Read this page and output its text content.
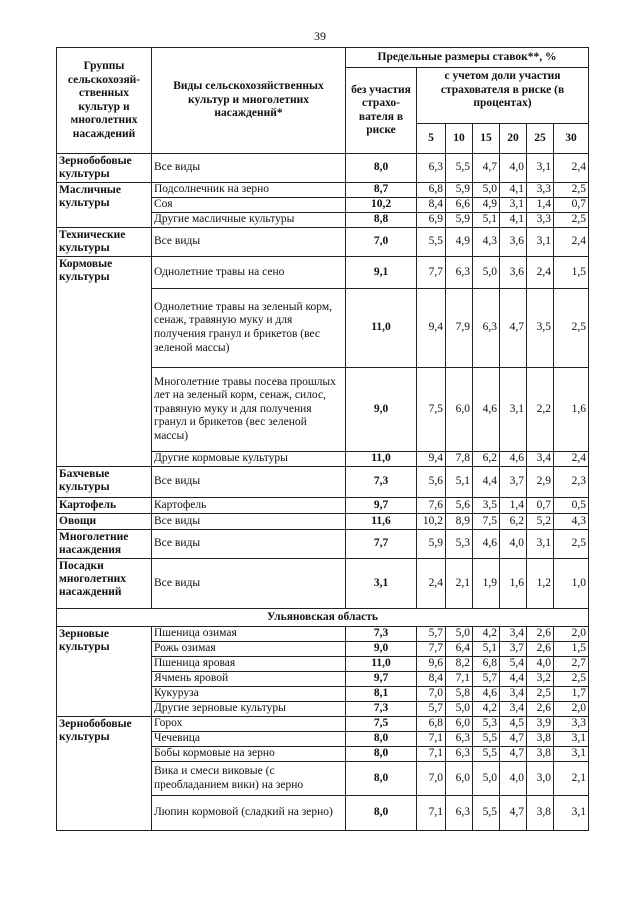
39
Группы сельскохозяй-ственных культур и многолетних насаждений	Виды сельскохозяйственных культур и многолетних насаждений*	Предельные размеры ставок**, %						
		без участия страхо-вателя в риске	с учетом доли участия страхователя в риске (в процентах)					
			5	10	15	20	25	30
Зернобобовые культуры	Все виды	8,0	6,3	5,5	4,7	4,0	3,1	2,4
Масличные культуры	Подсолнечник на зерно	8,7	6,8	5,9	5,0	4,1	3,3	2,5
	Соя	10,2	8,4	6,6	4,9	3,1	1,4	0,7
	Другие масличные культуры	8,8	6,9	5,9	5,1	4,1	3,3	2,5
Технические культуры	Все виды	7,0	5,5	4,9	4,3	3,6	3,1	2,4
Кормовые культуры	Однолетние травы на сено	9,1	7,7	6,3	5,0	3,6	2,4	1,5
	Однолетние травы на зеленый корм, сенаж, травяную муку и для получения гранул и брикетов (вес зеленой массы)	11,0	9,4	7,9	6,3	4,7	3,5	2,5
	Многолетние травы посева прошлых лет на зеленый корм, сенаж, силос, травяную муку и для получения гранул и брикетов (вес зеленой массы)	9,0	7,5	6,0	4,6	3,1	2,2	1,6
	Другие кормовые культуры	11,0	9,4	7,8	6,2	4,6	3,4	2,4
Бахчевые культуры	Все виды	7,3	5,6	5,1	4,4	3,7	2,9	2,3
Картофель	Картофель	9,7	7,6	5,6	3,5	1,4	0,7	0,5
Овощи	Все виды	11,6	10,2	8,9	7,5	6,2	5,2	4,3
Многолетние насаждения	Все виды	7,7	5,9	5,3	4,6	4,0	3,1	2,5
Посадки многолетних насаждений	Все виды	3,1	2,4	2,1	1,9	1,6	1,2	1,0
Ульяновская область								
Зерновые культуры	Пшеница озимая	7,3	5,7	5,0	4,2	3,4	2,6	2,0
	Рожь озимая	9,0	7,7	6,4	5,1	3,7	2,6	1,5
	Пшеница яровая	11,0	9,6	8,2	6,8	5,4	4,0	2,7
	Ячмень яровой	9,7	8,4	7,1	5,7	4,4	3,2	2,5
	Кукуруза	8,1	7,0	5,8	4,6	3,4	2,5	1,7
	Другие зерновые культуры	7,3	5,7	5,0	4,2	3,4	2,6	2,0
Зернобобовые культуры	Горох	7,5	6,8	6,0	5,3	4,5	3,9	3,3
	Чечевица	8,0	7,1	6,3	5,5	4,7	3,8	3,1
	Бобы кормовые на зерно	8,0	7,1	6,3	5,5	4,7	3,8	3,1
	Вика и смеси виковые (с преобладанием вики) на зерно	8,0	7,0	6,0	5,0	4,0	3,0	2,1
	Люпин кормовой (сладкий на зерно)	8,0	7,1	6,3	5,5	4,7	3,8	3,1
